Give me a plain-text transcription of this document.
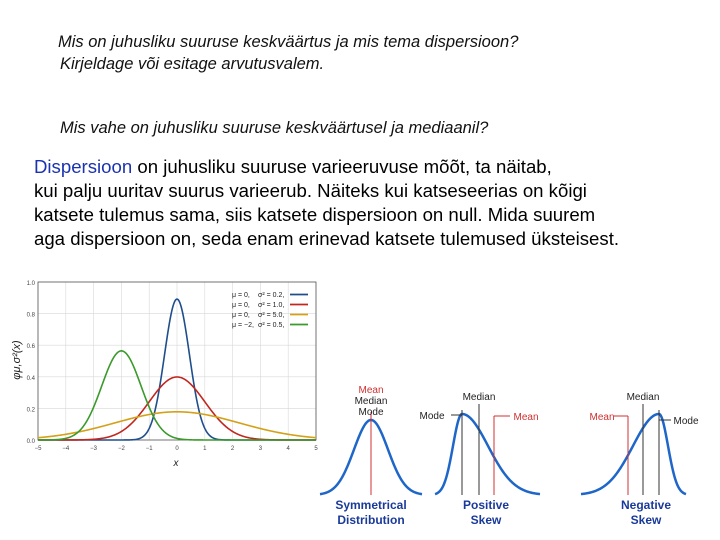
Mis on juhusliku suuruse keskväärtus ja mis tema dispersioon?
Kirjeldage või esitage arvutusvalem.
Mis vahe on juhusliku suuruse keskväärtusel ja mediaanil?
Dispersioon on juhusliku suuruse varieeruvuse mõõt, ta näitab,
kui palju uuritav suurus varieerub. Näiteks kui katseseerias on kõigi
katsete tulemus sama, siis katsete dispersioon on null. Mida suurem
aga dispersioon on, seda enam erinevad katsete tulemused üksteisest.
1.0
0.8
0.6
0.4
0.2
0.0
−5	−4	−3	−2	−1	0	1	2	3	4	5
μ = 0, σ² = 0.2,
μ = 0, σ² = 1.0,
μ = 0, σ² = 5.0,
μ = −2, σ² = 0.5,
φμ,σ²(x)
x
Mean
Median
Mode
Symmetrical
Distribution
Median
Mode	Mean
Positive
Skew
Median
Mean	Mode
Negative
Skew
